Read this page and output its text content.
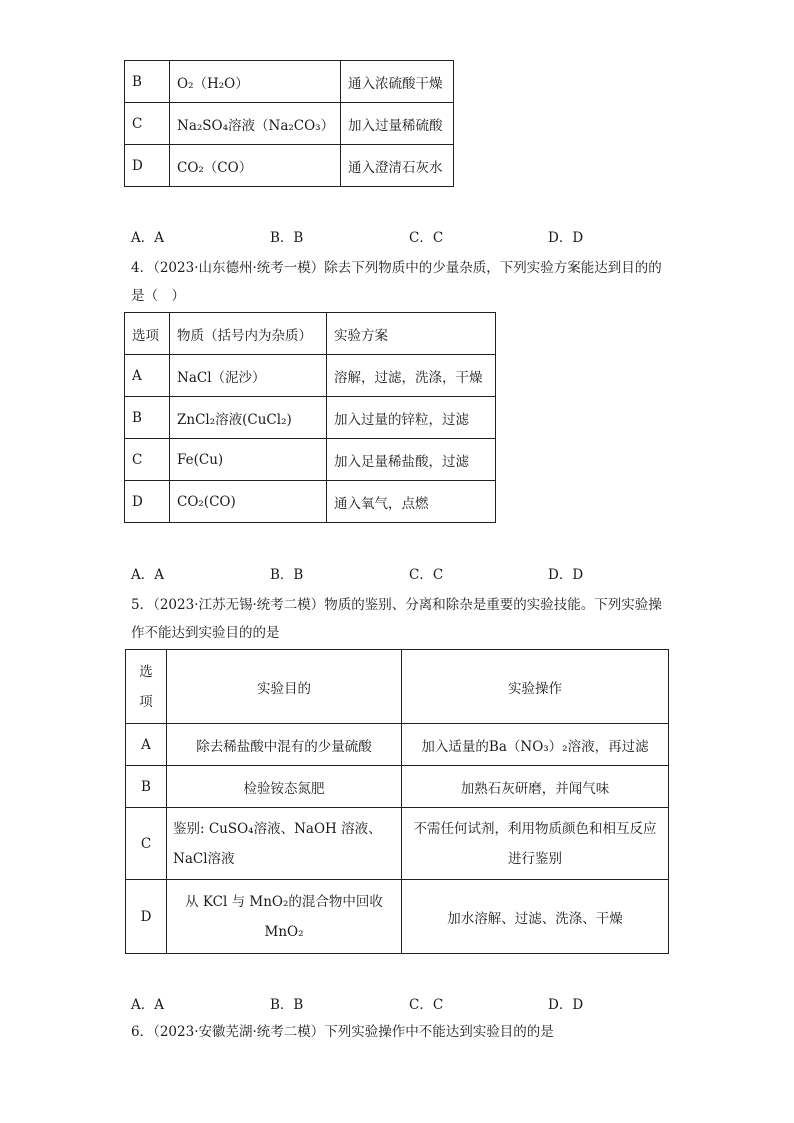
B	O₂（H₂O）	通入浓硫酸干燥
C	Na₂SO₄溶液（Na₂CO₃）	加入过量稀硫酸
D	CO₂（CO）	通入澄清石灰水
A．A	B．B	C．C	D．D
4．（2023·山东德州·统考一模）除去下列物质中的少量杂质，下列实验方案能达到目的的是（　）
选项	物质（括号内为杂质）	实验方案
A	NaCl（泥沙）	溶解，过滤，洗涤，干燥
B	ZnCl₂溶液(CuCl₂)	加入过量的锌粒，过滤
C	Fe(Cu)	加入足量稀盐酸，过滤
D	CO₂(CO)	通入氧气，点燃
A．A	B．B	C．C	D．D
5．（2023·江苏无锡·统考二模）物质的鉴别、分离和除杂是重要的实验技能。下列实验操作不能达到实验目的的是
选项	实验目的	实验操作
A	除去稀盐酸中混有的少量硫酸	加入适量的Ba（NO₃）₂溶液，再过滤
B	检验铵态氮肥	加熟石灰研磨，并闻气味
C	鉴别: CuSO₄溶液、NaOH 溶液、NaCl溶液	不需任何试剂，利用物质颜色和相互反应进行鉴别
D	从 KCl 与 MnO₂的混合物中回收MnO₂	加水溶解、过滤、洗涤、干燥
A．A	B．B	C．C	D．D
6．（2023·安徽芜湖·统考二模）下列实验操作中不能达到实验目的的是
